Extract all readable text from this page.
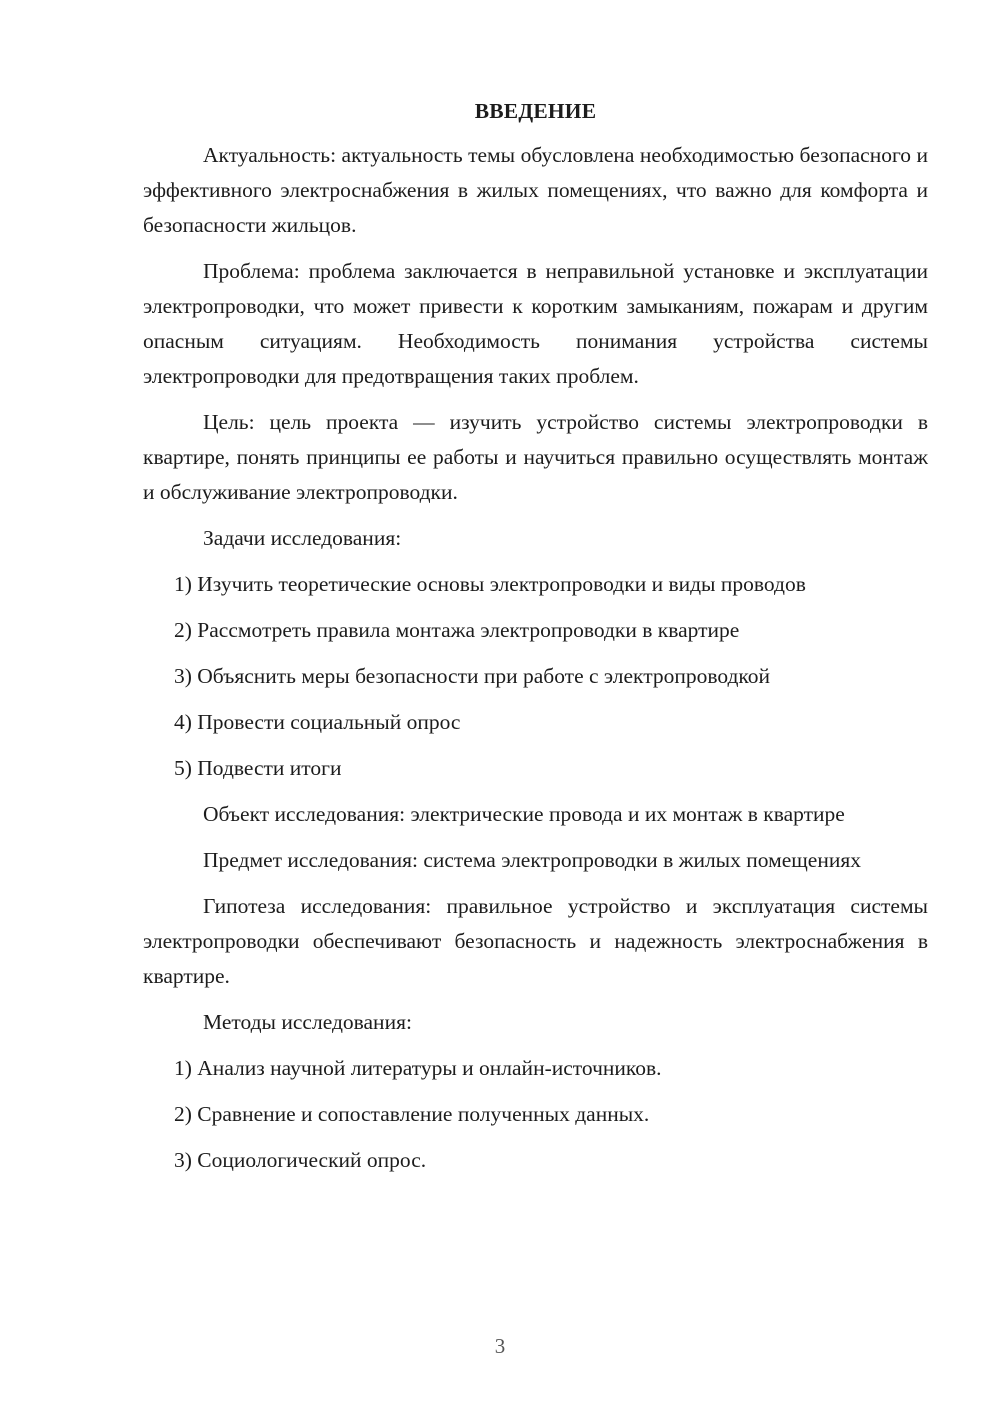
ВВЕДЕНИЕ
Актуальность: актуальность темы обусловлена необходимостью безопасного и эффективного электроснабжения в жилых помещениях, что важно для комфорта и безопасности жильцов.
Проблема: проблема заключается в неправильной установке и эксплуатации электропроводки, что может привести к коротким замыканиям, пожарам и другим опасным ситуациям. Необходимость понимания устройства системы электропроводки для предотвращения таких проблем.
Цель: цель проекта — изучить устройство системы электропроводки в квартире, понять принципы ее работы и научиться правильно осуществлять монтаж и обслуживание электропроводки.
Задачи исследования:
1) Изучить теоретические основы электропроводки и виды проводов
2) Рассмотреть правила монтажа электропроводки в квартире
3) Объяснить меры безопасности при работе с электропроводкой
4) Провести социальный опрос
5) Подвести итоги
Объект исследования: электрические провода и их монтаж в квартире
Предмет исследования: система электропроводки в жилых помещениях
Гипотеза исследования: правильное устройство и эксплуатация системы электропроводки обеспечивают безопасность и надежность электроснабжения в квартире.
Методы исследования:
1) Анализ научной литературы и онлайн-источников.
2) Сравнение и сопоставление полученных данных.
3) Социологический опрос.
3
